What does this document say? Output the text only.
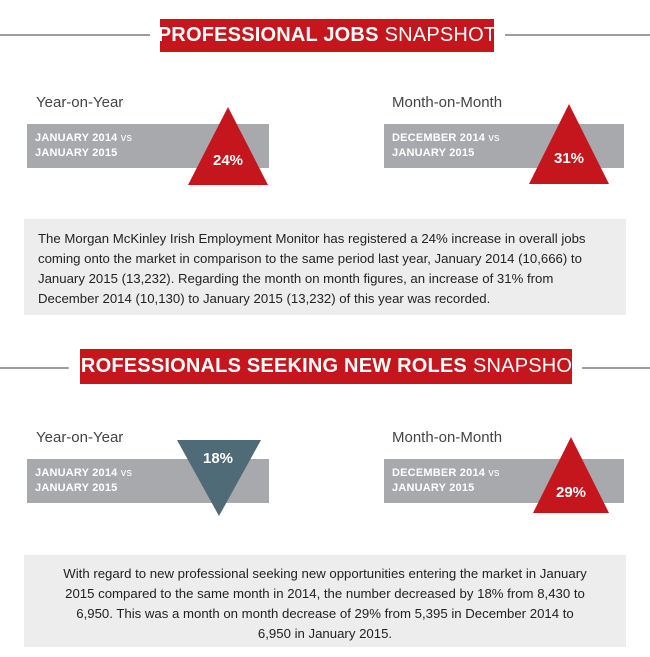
PROFESSIONAL JOBS SNAPSHOT
Year-on-Year
JANUARY 2014 vs
JANUARY 2015	24%
Month-on-Month
DECEMBER 2014 vs
JANUARY 2015	31%
The Morgan McKinley Irish Employment Monitor has registered a 24% increase in overall jobs coming onto the market in comparison to the same period last year, January 2014 (10,666) to January 2015 (13,232). Regarding the month on month figures, an increase of 31% from December 2014 (10,130) to January 2015 (13,232) of this year was recorded.
PROFESSIONALS SEEKING NEW ROLES SNAPSHOT
Year-on-Year
JANUARY 2014 vs
JANUARY 2015
18%
Month-on-Month
DECEMBER 2014 vs
JANUARY 2015	29%
With regard to new professional seeking new opportunities entering the market in January 2015 compared to the same month in 2014, the number decreased by 18% from 8,430 to 6,950. This was a month on month decrease of 29% from 5,395 in December 2014 to 6,950 in January 2015.
